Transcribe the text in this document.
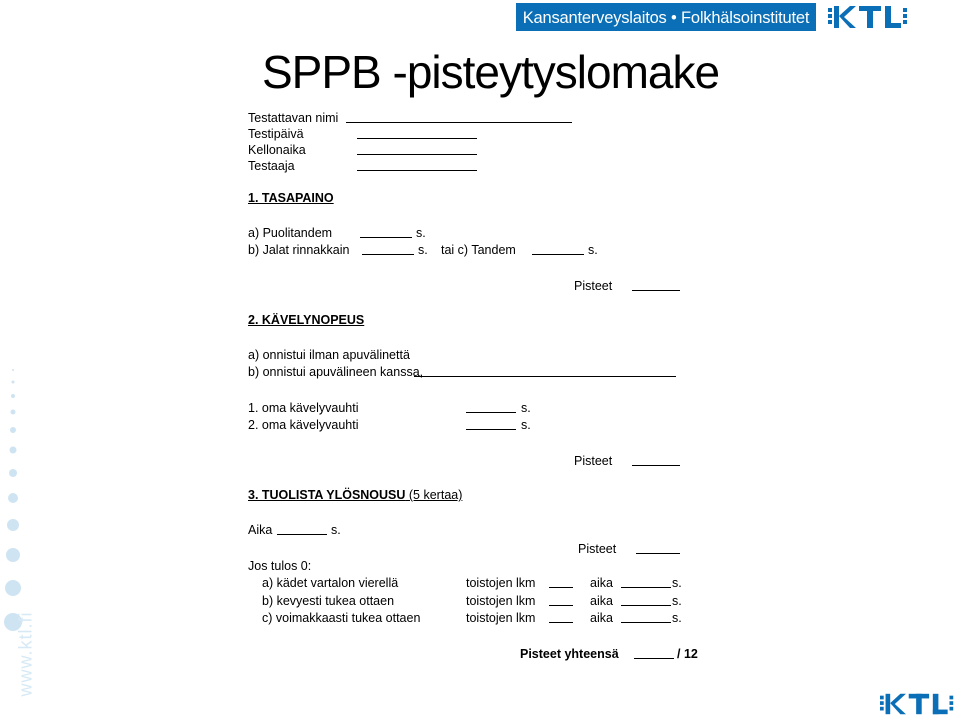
Kansanterveyslaitos • Folkhälsoinstitutet
www.ktl.fi
SPPB -pisteytyslomake
Testattavan nimi
Testipäivä
Kellonaika
Testaaja
1. TASAPAINO
a) Puolitandem	s.
b) Jalat rinnakkain	s. tai c) Tandem	s.
Pisteet
2. KÄVELYNOPEUS
a) onnistui ilman apuvälinettä
b) onnistui apuvälineen kanssa,
1. oma kävelyvauhti	s.
2. oma kävelyvauhti	s.
Pisteet
3. TUOLISTA YLÖSNOUSU (5 kertaa)
Aika	s.
Pisteet
Jos tulos 0:
a) kädet vartalon vierellä	toistojen lkm	aika	s.
b) kevyesti tukea ottaen	toistojen lkm	aika	s.
c) voimakkaasti tukea ottaen	toistojen lkm	aika	s.
Pisteet yhteensä	/ 12
